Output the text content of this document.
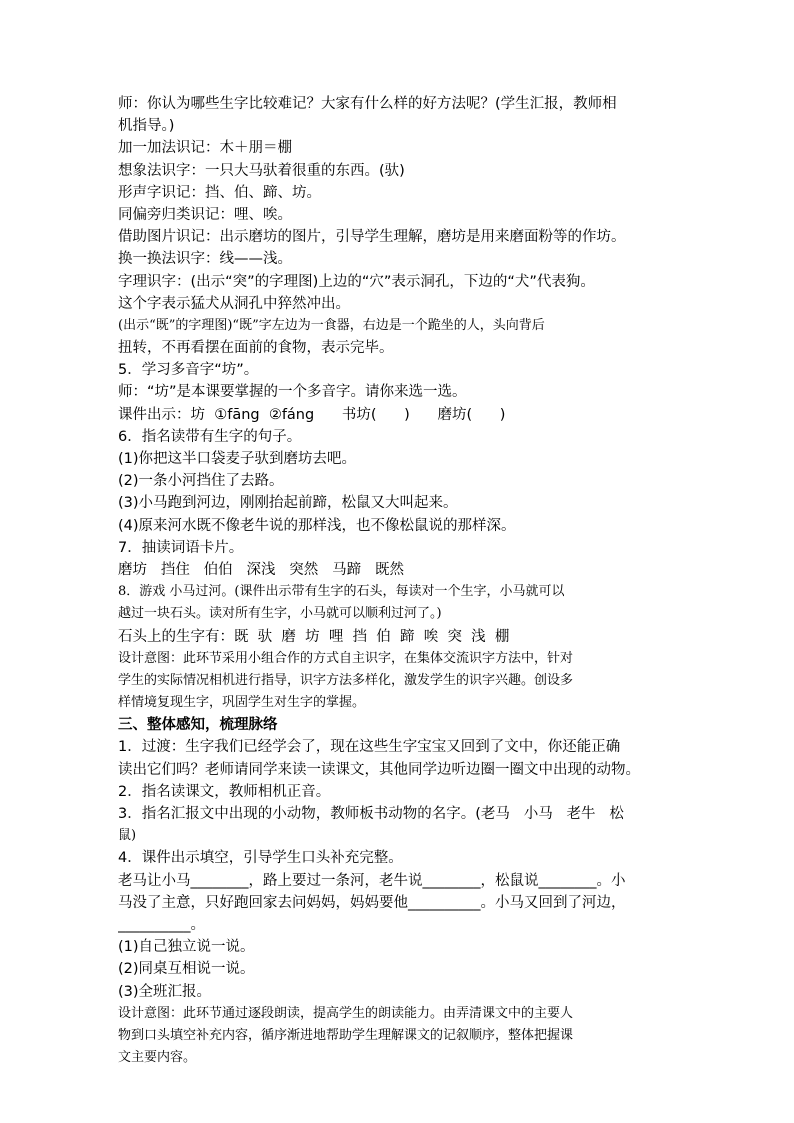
师：你认为哪些生字比较难记？大家有什么样的好方法呢？(学生汇报，教师相
机指导。)
加一加法识记：木＋朋＝棚
想象法识字：一只大马驮着很重的东西。(驮)
形声字识记：挡、伯、蹄、坊。
同偏旁归类识记：哩、唉。
借助图片识记：出示磨坊的图片，引导学生理解，磨坊是用来磨面粉等的作坊。
换一换法识字：线——浅。
字理识字：(出示“突”的字理图)上边的“穴”表示洞孔，下边的“犬”代表狗。
这个字表示猛犬从洞孔中猝然冲出。
(出示“既”的字理图)“既”字左边为一食器，右边是一个跪坐的人，头向背后
扭转，不再看摆在面前的食物，表示完毕。
5．学习多音字“坊”。
师：“坊”是本课要掌握的一个多音字。请你来选一选。
课件出示：坊  ①fāng  ②fáng      书坊(      )      磨坊(      )
6．指名读带有生字的句子。
(1)你把这半口袋麦子驮到磨坊去吧。
(2)一条小河挡住了去路。
(3)小马跑到河边，刚刚抬起前蹄，松鼠又大叫起来。
(4)原来河水既不像老牛说的那样浅，也不像松鼠说的那样深。
7．抽读词语卡片。
磨坊   挡住   伯伯   深浅   突然   马蹄   既然
8．游戏 小马过河。(课件出示带有生字的石头，每读对一个生字，小马就可以
越过一块石头。读对所有生字，小马就可以顺利过河了。)
石头上的生字有：既  驮  磨  坊  哩  挡  伯  蹄  唉  突  浅  棚
设计意图：此环节采用小组合作的方式自主识字，在集体交流识字方法中，针对
学生的实际情况相机进行指导，识字方法多样化，激发学生的识字兴趣。创设多
样情境复现生字，巩固学生对生字的掌握。
三、整体感知，梳理脉络
1．过渡：生字我们已经学会了，现在这些生字宝宝又回到了文中，你还能正确
读出它们吗？老师请同学来读一读课文，其他同学边听边圈一圈文中出现的动物。
2．指名读课文，教师相机正音。
3．指名汇报文中出现的小动物，教师板书动物的名字。(老马   小马   老牛   松
鼠)
4．课件出示填空，引导学生口头补充完整。
老马让小马________，路上要过一条河，老牛说________，松鼠说________。小
马没了主意，只好跑回家去问妈妈，妈妈要他__________。小马又回到了河边，
__________。
(1)自己独立说一说。
(2)同桌互相说一说。
(3)全班汇报。
设计意图：此环节通过逐段朗读，提高学生的朗读能力。由弄清课文中的主要人
物到口头填空补充内容，循序渐进地帮助学生理解课文的记叙顺序，整体把握课
文主要内容。
